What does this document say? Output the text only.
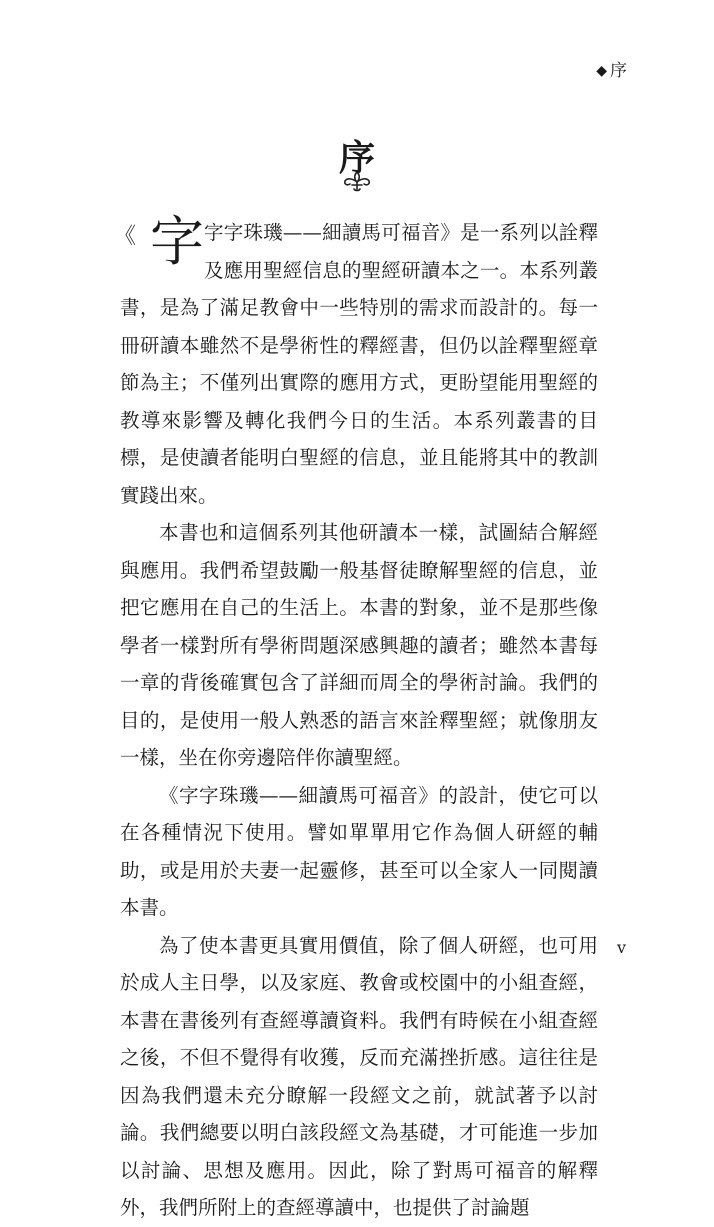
◆ 序
序

《 字 字字珠璣——細讀馬可福音》是一系列以詮釋及應用聖經信息的聖經研讀本之一。本系列叢書，是為了滿足教會中一些特別的需求而設計的。每一冊研讀本雖然不是學術性的釋經書，但仍以詮釋聖經章節為主；不僅列出實際的應用方式，更盼望能用聖經的教導來影響及轉化我們今日的生活。本系列叢書的目標，是使讀者能明白聖經的信息，並且能將其中的教訓實踐出來。

本書也和這個系列其他研讀本一樣，試圖結合解經與應用。我們希望鼓勵一般基督徒瞭解聖經的信息，並把它應用在自己的生活上。本書的對象，並不是那些像學者一樣對所有學術問題深感興趣的讀者；雖然本書每一章的背後確實包含了詳細而周全的學術討論。我們的目的，是使用一般人熟悉的語言來詮釋聖經；就像朋友一樣，坐在你旁邊陪伴你讀聖經。

《字字珠璣——細讀馬可福音》的設計，使它可以在各種情況下使用。譬如單單用它作為個人研經的輔助，或是用於夫妻一起靈修，甚至可以全家人一同閱讀本書。

為了使本書更具實用價值，除了個人研經，也可用於成人主日學，以及家庭、教會或校園中的小組查經，本書在書後列有查經導讀資料。我們有時候在小組查經之後，不但不覺得有收獲，反而充滿挫折感。這往往是因為我們還未充分瞭解一段經文之前，就試著予以討論。我們總要以明白該段經文為基礎，才可能進一步加以討論、思想及應用。因此，除了對馬可福音的解釋外，我們所附上的查經導讀中，也提供了討論題

v
